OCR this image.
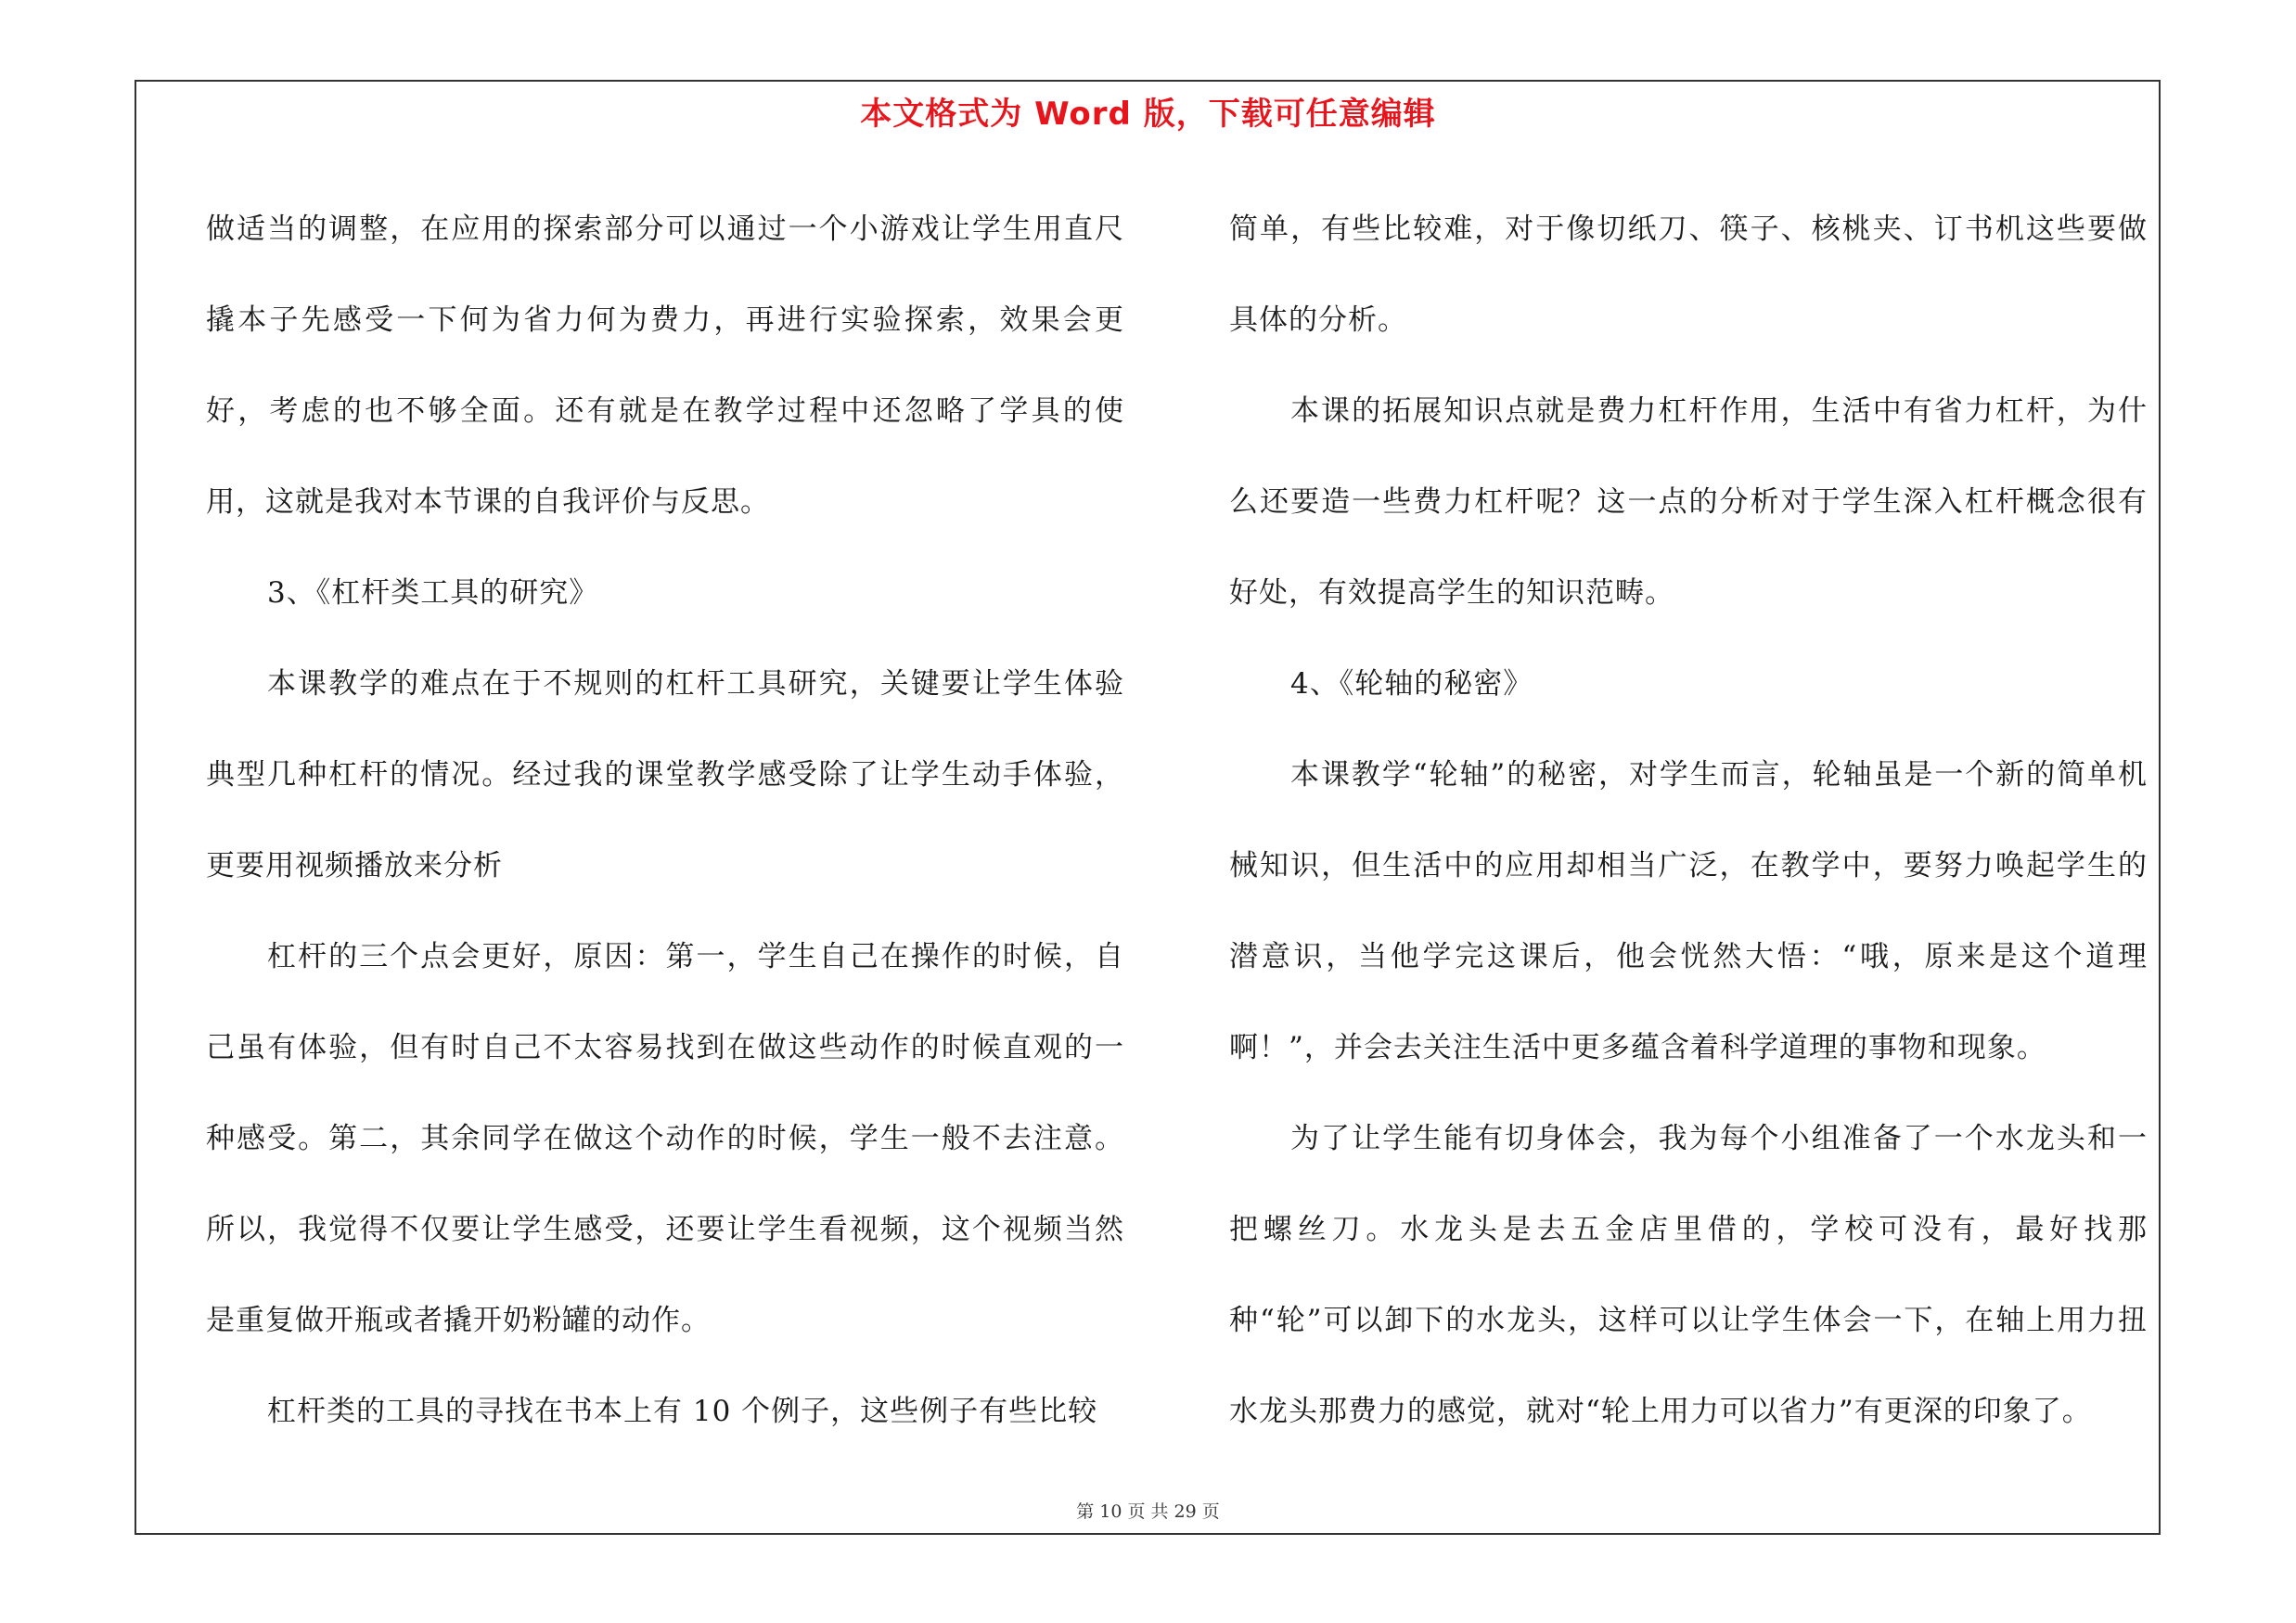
本文格式为 Word 版，下载可任意编辑

做适当的调整，在应用的探索部分可以通过一个小游戏让学生用直尺撬本子先感受一下何为省力何为费力，再进行实验探索，效果会更好，考虑的也不够全面。还有就是在教学过程中还忽略了学具的使用，这就是我对本节课的自我评价与反思。

3、《杠杆类工具的研究》

本课教学的难点在于不规则的杠杆工具研究，关键要让学生体验典型几种杠杆的情况。经过我的课堂教学感受除了让学生动手体验，更要用视频播放来分析

杠杆的三个点会更好，原因：第一，学生自己在操作的时候，自己虽有体验，但有时自己不太容易找到在做这些动作的时候直观的一种感受。第二，其余同学在做这个动作的时候，学生一般不去注意。所以，我觉得不仅要让学生感受，还要让学生看视频，这个视频当然是重复做开瓶或者撬开奶粉罐的动作。

杠杆类的工具的寻找在书本上有 10 个例子，这些例子有些比较

简单，有些比较难，对于像切纸刀、筷子、核桃夹、订书机这些要做具体的分析。

本课的拓展知识点就是费力杠杆作用，生活中有省力杠杆，为什么还要造一些费力杠杆呢？这一点的分析对于学生深入杠杆概念很有好处，有效提高学生的知识范畴。

4、《轮轴的秘密》

本课教学“轮轴”的秘密，对学生而言，轮轴虽是一个新的简单机械知识，但生活中的应用却相当广泛，在教学中，要努力唤起学生的潜意识，当他学完这课后，他会恍然大悟：“哦，原来是这个道理啊！”，并会去关注生活中更多蕴含着科学道理的事物和现象。

为了让学生能有切身体会，我为每个小组准备了一个水龙头和一把螺丝刀。水龙头是去五金店里借的，学校可没有，最好找那种“轮”可以卸下的水龙头，这样可以让学生体会一下，在轴上用力扭水龙头那费力的感觉，就对“轮上用力可以省力”有更深的印象了。

第 10 页 共 29 页
